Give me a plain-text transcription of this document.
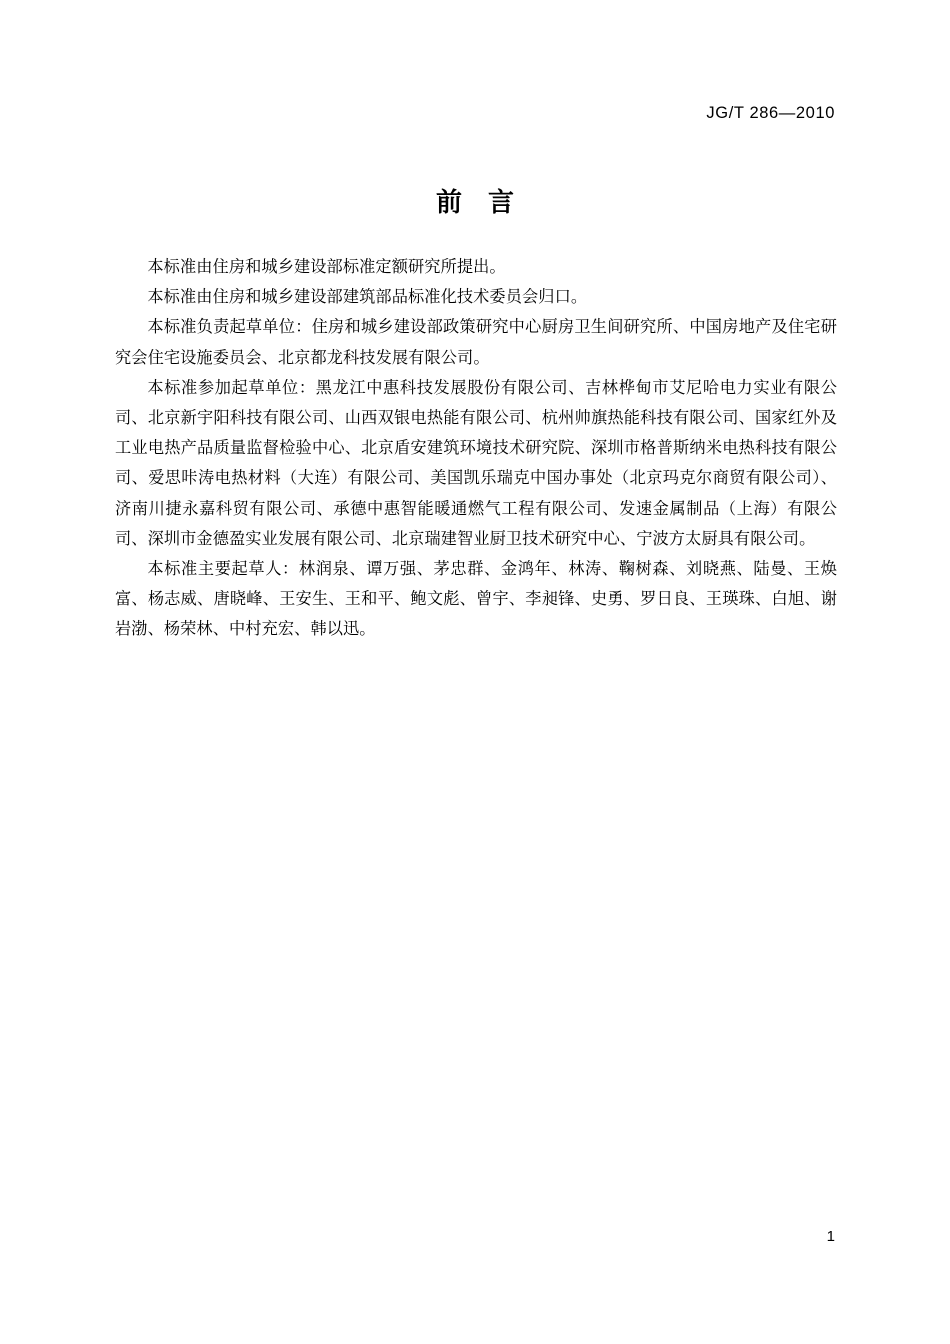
JG/T 286—2010
前言

本标准由住房和城乡建设部标准定额研究所提出。

本标准由住房和城乡建设部建筑部品标准化技术委员会归口。

本标准负责起草单位：住房和城乡建设部政策研究中心厨房卫生间研究所、中国房地产及住宅研究会住宅设施委员会、北京都龙科技发展有限公司。

本标准参加起草单位：黑龙江中惠科技发展股份有限公司、吉林桦甸市艾尼哈电力实业有限公司、北京新宇阳科技有限公司、山西双银电热能有限公司、杭州帅旗热能科技有限公司、国家红外及工业电热产品质量监督检验中心、北京盾安建筑环境技术研究院、深圳市格普斯纳米电热科技有限公司、爱思咔涛电热材料（大连）有限公司、美国凯乐瑞克中国办事处（北京玛克尔商贸有限公司）、济南川捷永嘉科贸有限公司、承德中惠智能暖通燃气工程有限公司、发速金属制品（上海）有限公司、深圳市金德盈实业发展有限公司、北京瑞建智业厨卫技术研究中心、宁波方太厨具有限公司。

本标准主要起草人：林润泉、谭万强、茅忠群、金鸿年、林涛、鞠树森、刘晓燕、陆曼、王焕富、杨志威、唐晓峰、王安生、王和平、鲍文彪、曾宇、李昶锋、史勇、罗日良、王瑛珠、白旭、谢岩渤、杨荣林、中村充宏、韩以迅。

1
